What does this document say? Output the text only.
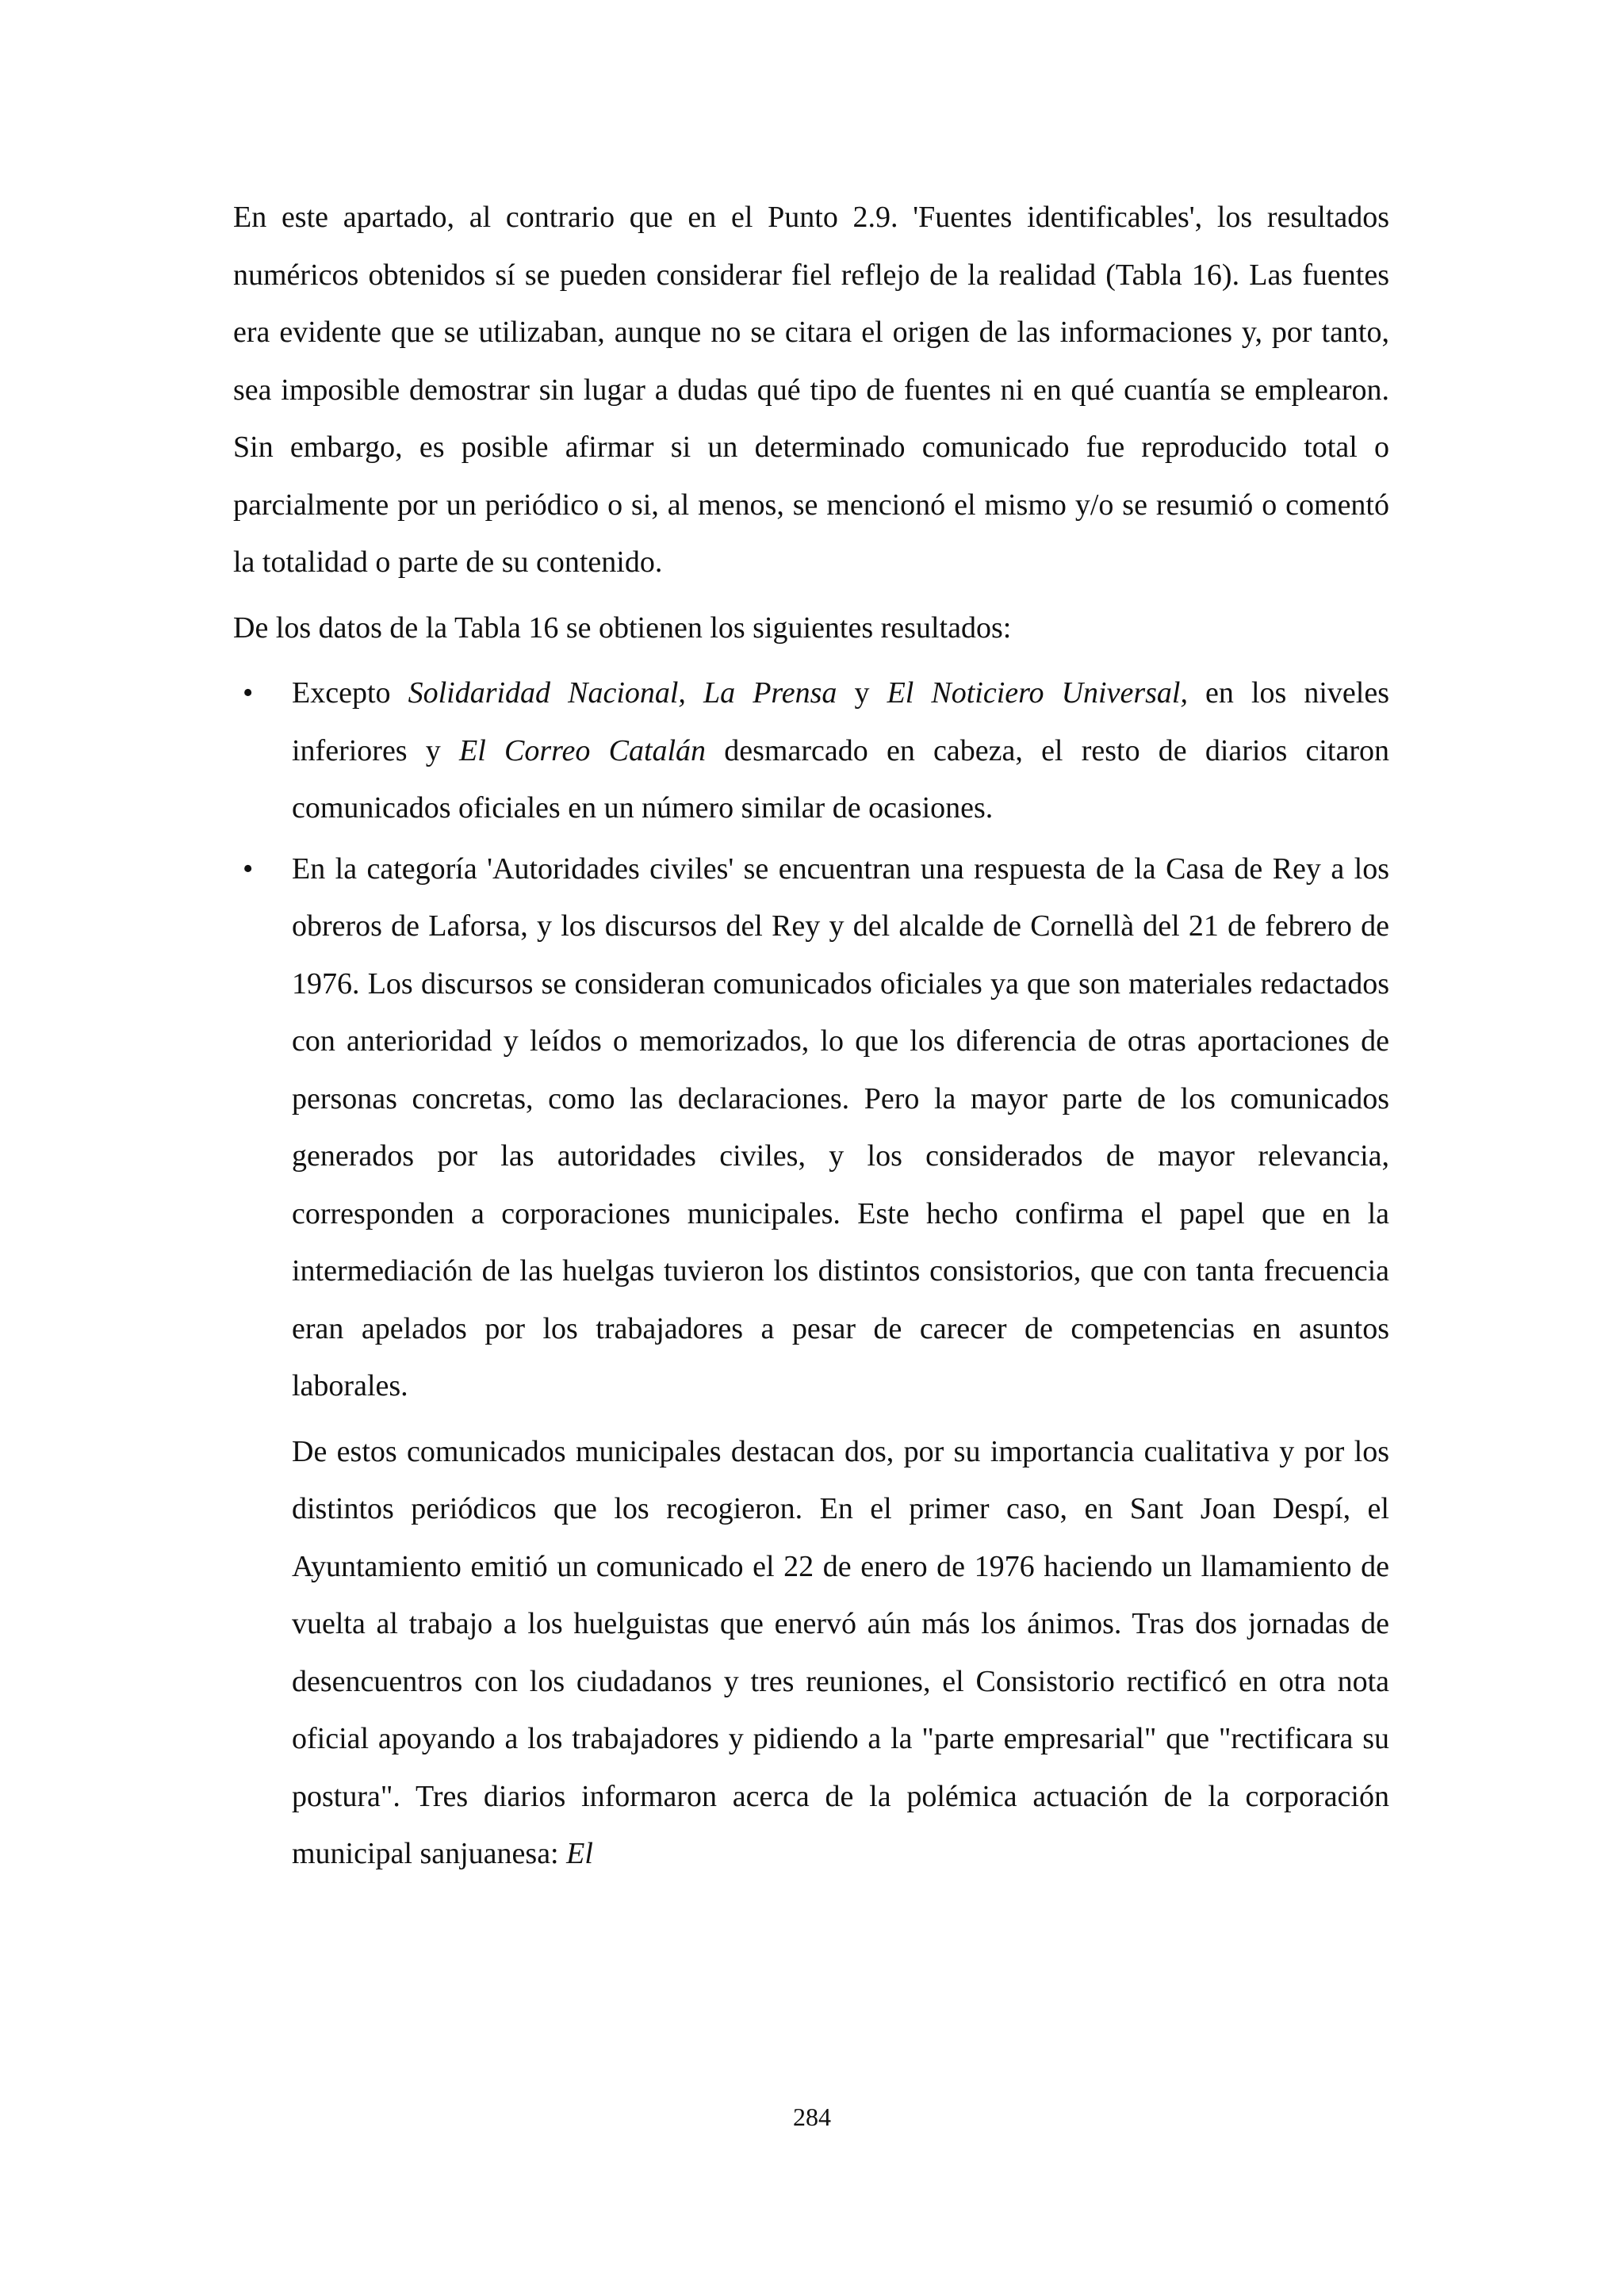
En este apartado, al contrario que en el Punto 2.9. 'Fuentes identificables', los resultados numéricos obtenidos sí se pueden considerar fiel reflejo de la realidad (Tabla 16). Las fuentes era evidente que se utilizaban, aunque no se citara el origen de las informaciones y, por tanto, sea imposible demostrar sin lugar a dudas qué tipo de fuentes ni en qué cuantía se emplearon. Sin embargo, es posible afirmar si un determinado comunicado fue reproducido total o parcialmente por un periódico o si, al menos, se mencionó el mismo y/o se resumió o comentó la totalidad o parte de su contenido.

De los datos de la Tabla 16 se obtienen los siguientes resultados:

• Excepto Solidaridad Nacional, La Prensa y El Noticiero Universal, en los niveles inferiores y El Correo Catalán desmarcado en cabeza, el resto de diarios citaron comunicados oficiales en un número similar de ocasiones.
• En la categoría 'Autoridades civiles' se encuentran una respuesta de la Casa de Rey a los obreros de Laforsa, y los discursos del Rey y del alcalde de Cornellà del 21 de febrero de 1976. Los discursos se consideran comunicados oficiales ya que son materiales redactados con anterioridad y leídos o memorizados, lo que los diferencia de otras aportaciones de personas concretas, como las declaraciones. Pero la mayor parte de los comunicados generados por las autoridades civiles, y los considerados de mayor relevancia, corresponden a corporaciones municipales. Este hecho confirma el papel que en la intermediación de las huelgas tuvieron los distintos consistorios, que con tanta frecuencia eran apelados por los trabajadores a pesar de carecer de competencias en asuntos laborales.

De estos comunicados municipales destacan dos, por su importancia cualitativa y por los distintos periódicos que los recogieron. En el primer caso, en Sant Joan Despí, el Ayuntamiento emitió un comunicado el 22 de enero de 1976 haciendo un llamamiento de vuelta al trabajo a los huelguistas que enervó aún más los ánimos. Tras dos jornadas de desencuentros con los ciudadanos y tres reuniones, el Consistorio rectificó en otra nota oficial apoyando a los trabajadores y pidiendo a la "parte empresarial" que "rectificara su postura". Tres diarios informaron acerca de la polémica actuación de la corporación municipal sanjuanesa: El

284
